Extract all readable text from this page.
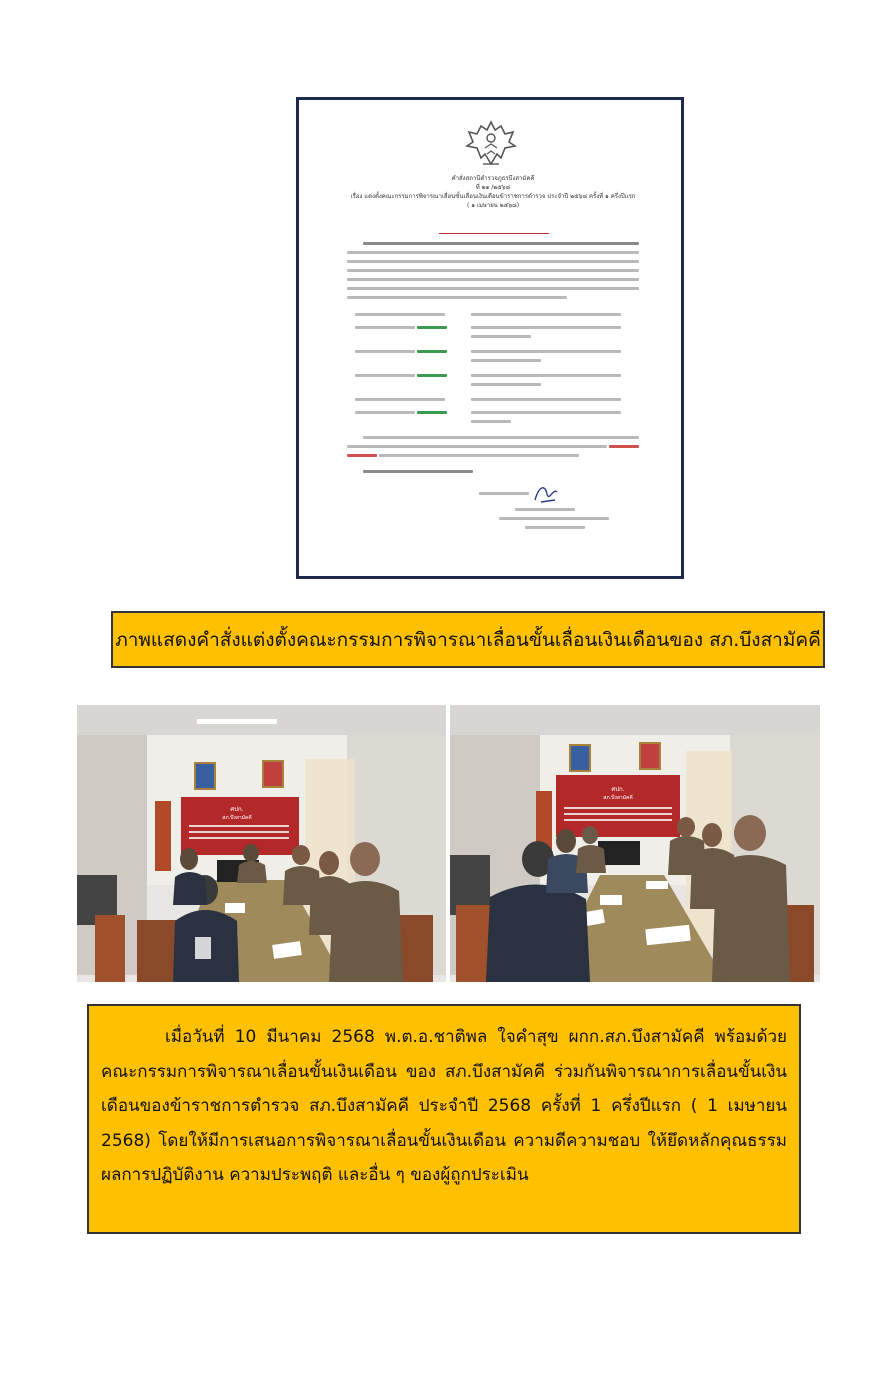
คำสั่งสถานีตำรวจภูธรบึงสามัคคี
ที่ ๒๑ /๒๕๖๘
เรื่อง แต่งตั้งคณะกรรมการพิจารณาเลื่อนขั้นเลื่อนเงินเดือนข้าราชการตำรวจ ประจำปี ๒๕๖๘ ครั้งที่ ๑ ครึ่งปีแรก
( ๑ เมษายน ๒๕๖๘)
ภาพแสดงคำสั่งแต่งตั้งคณะกรรมการพิจารณาเลื่อนขั้นเลื่อนเงินเดือนของ สภ.บึงสามัคคี
ศปก.
สภ.บึงสามัคคี
ศปก.
สภ.บึงสามัคคี
เมื่อวันที่ 10 มีนาคม 2568 พ.ต.อ.ชาติพล ใจคำสุข ผกก.สภ.บึงสามัคคี พร้อมด้วย คณะกรรมการพิจารณาเลื่อนขั้นเงินเดือน ของ สภ.บึงสามัคคี ร่วมกันพิจารณาการเลื่อนขั้นเงินเดือนของข้าราชการตำรวจ สภ.บึงสามัคคี ประจำปี 2568 ครั้งที่ 1 ครึ่งปีแรก ( 1 เมษายน 2568) โดยให้มีการเสนอการพิจารณาเลื่อนขั้นเงินเดือน ความดีความชอบ ให้ยึดหลักคุณธรรม ผลการปฏิบัติงาน ความประพฤติ และอื่น ๆ ของผู้ถูกประเมิน
